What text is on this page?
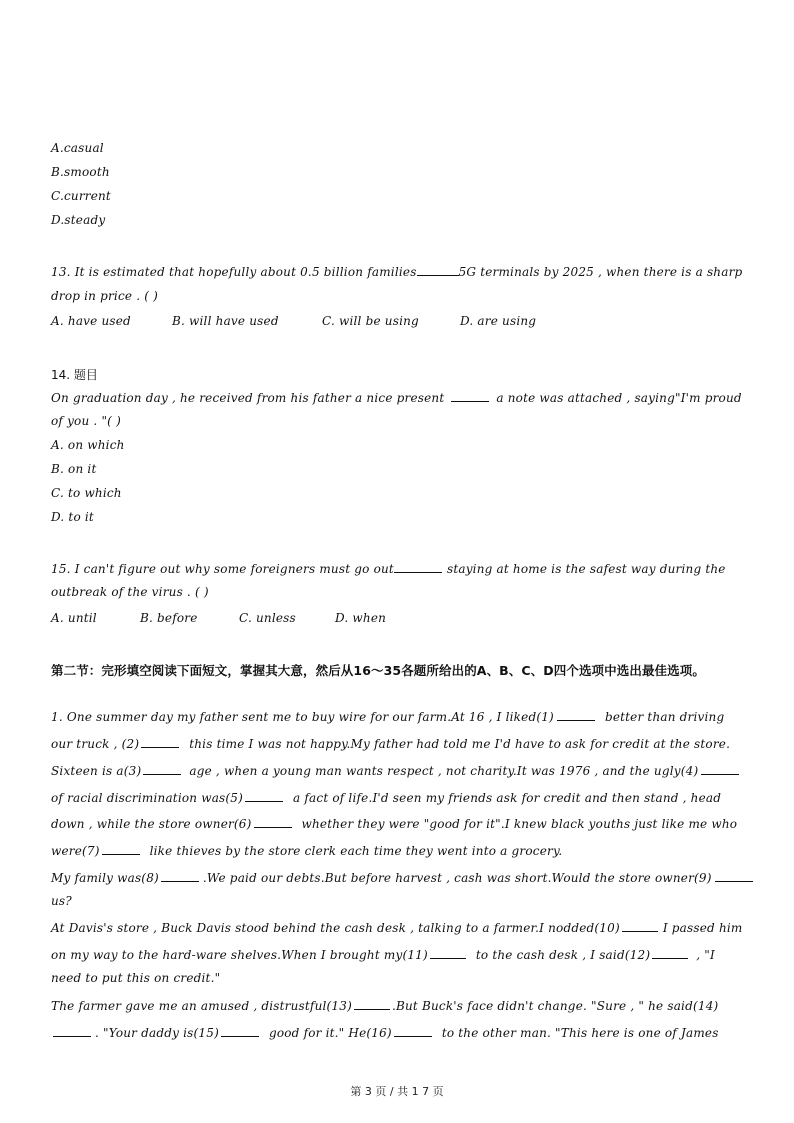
A.casual
B.smooth
C.current
D.steady
13. It is estimated that hopefully about 0.5 billion families	5G terminals by 2025 , when there is a sharp
drop in price . ( )
A. have used	B. will have used	C. will be using	D. are using
14. 题目
On graduation day , he received from his father a nice present	a note was attached , saying"I'm proud
of you . "( )
A. on which
B. on it
C. to which
D. to it
15. I can't figure out why some foreigners must go out	staying at home is the safest way during the
outbreak of the virus . ( )
A. until	B. before	C. unless	D. when
第二节：完形填空阅读下面短文，掌握其大意，然后从16～35各题所给出的A、B、C、D四个选项中选出最佳选项。
1. One summer day my father sent me to buy wire for our farm.At 16 , I liked(1)	better than driving
our truck , (2)	this time I was not happy.My father had told me I'd have to ask for credit at the store.
Sixteen is a(3)	age , when a young man wants respect , not charity.It was 1976 , and the ugly(4)
of racial discrimination was(5)	a fact of life.I'd seen my friends ask for credit and then stand , head
down , while the store owner(6)	whether they were "good for it".I knew black youths just like me who
were(7)	like thieves by the store clerk each time they went into a grocery.
My family was(8)	.We paid our debts.But before harvest , cash was short.Would the store owner(9)
us?
At Davis's store , Buck Davis stood behind the cash desk , talking to a farmer.I nodded(10)	I passed him
on my way to the hard-ware shelves.When I brought my(11)	to the cash desk , I said(12)	, "I
need to put this on credit."
The farmer gave me an amused , distrustful(13)	.But Buck's face didn't change. "Sure , " he said(14)
. "Your daddy is(15)	good for it." He(16)	to the other man. "This here is one of James
第 3 页 / 共 1 7 页
